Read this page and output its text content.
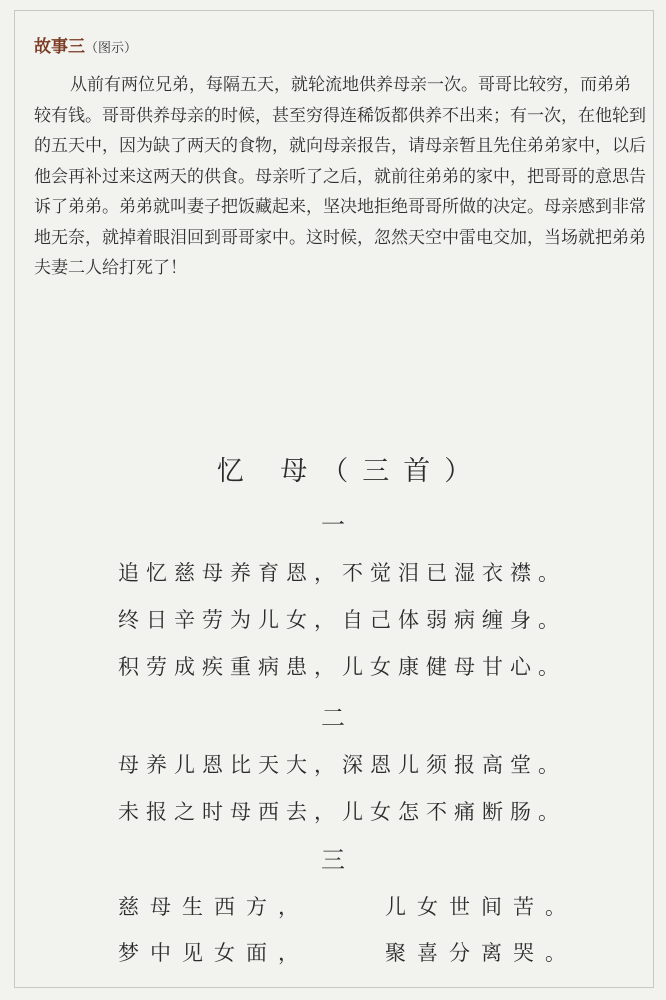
故事三（图示）

从前有两位兄弟，每隔五天，就轮流地供养母亲一次。哥哥比较穷，而弟弟较有钱。哥哥供养母亲的时候，甚至穷得连稀饭都供养不出来；有一次，在他轮到的五天中，因为缺了两天的食物，就向母亲报告，请母亲暂且先住弟弟家中，以后他会再补过来这两天的供食。母亲听了之后，就前往弟弟的家中，把哥哥的意思告诉了弟弟。弟弟就叫妻子把饭藏起来，坚决地拒绝哥哥所做的决定。母亲感到非常地无奈，就掉着眼泪回到哥哥家中。这时候，忽然天空中雷电交加，当场就把弟弟夫妻二人给打死了！

忆 母（三首）
一
追忆慈母养育恩，不觉泪已湿衣襟。
终日辛劳为儿女，自己体弱病缠身。
积劳成疾重病患，儿女康健母甘心。
二
母养儿恩比天大，深恩儿须报高堂。
未报之时母西去，儿女怎不痛断肠。
三
慈母生西方，	儿女世间苦。
梦中见女面，	聚喜分离哭。
